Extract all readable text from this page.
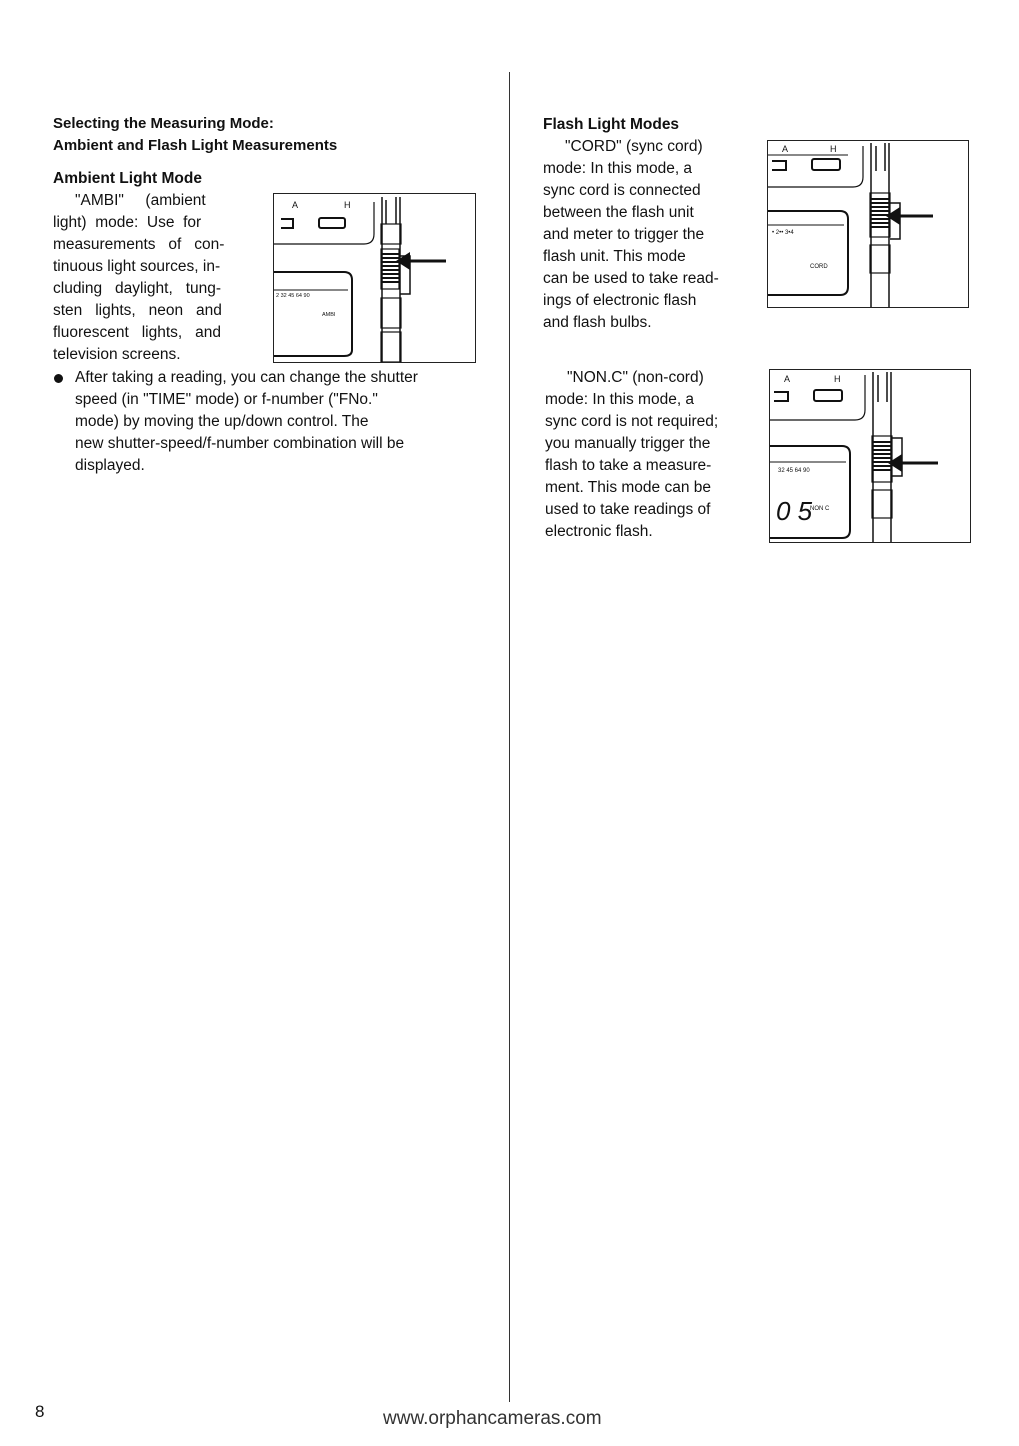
Selecting the Measuring Mode:
Ambient and Flash Light Measurements
Ambient Light Mode

"AMBI"     (ambient

light)  mode:  Use  for

measurements   of   con-

tinuous light sources, in-

cluding   daylight,   tung-

sten   lights,   neon   and

fluorescent   lights,   and

television screens.

A	H
2 32 45 64 90
AMBI

After taking a reading, you can change the shutter

speed (in "TIME" mode) or f-number ("FNo."

mode) by moving the up/down control. The

new shutter-speed/f-number combination will be

displayed.

Flash Light Modes

"CORD" (sync cord)

mode: In this mode, a

sync cord is connected

between the flash unit

and meter to trigger the

flash unit. This mode

can be used to take read-

ings of electronic flash

and flash bulbs.

A	H
• 2•• 3•4
CORD

"NON.C" (non-cord)

mode: In this mode, a

sync cord is not required;

you manually trigger the

flash to take a measure-

ment. This mode can be

used to take readings of

electronic flash.

A	H
32 45 64 90
0 5
NON C
8	www.orphancameras.com
